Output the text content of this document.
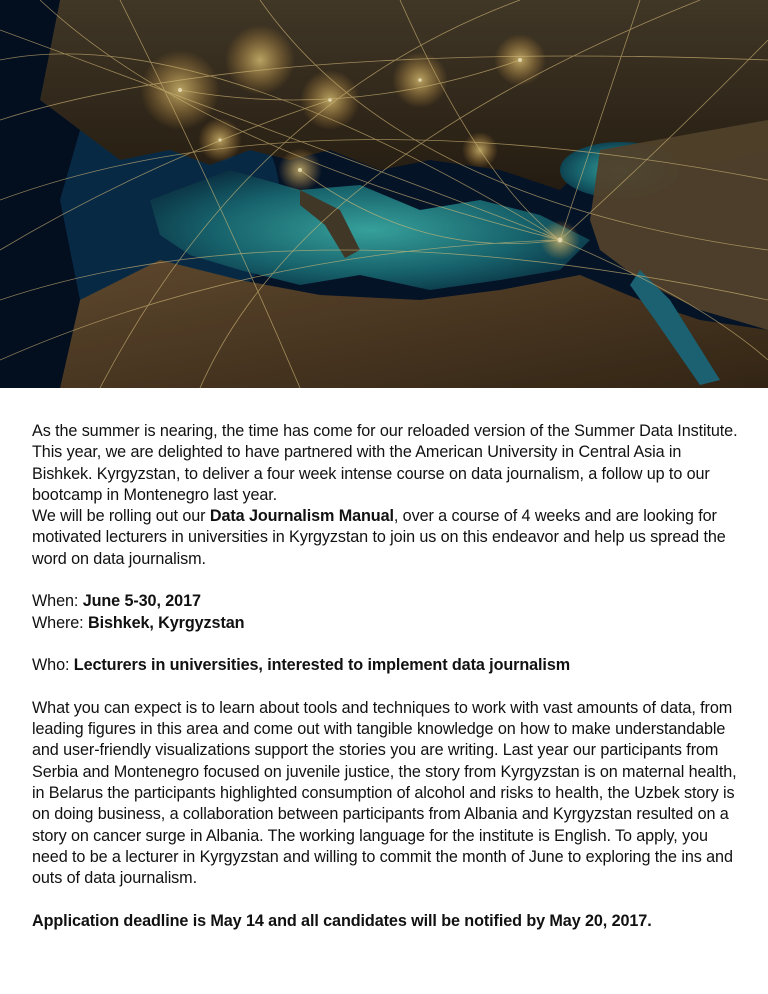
As the summer is nearing, the time has come for our reloaded version of the Summer Data Institute. This year, we are delighted to have partnered with the American University in Central Asia in Bishkek. Kyrgyzstan, to deliver a four week intense course on data journalism, a follow up to our bootcamp in Montenegro last year.
We will be rolling out our Data Journalism Manual, over a course of 4 weeks and are looking for motivated lecturers in universities in Kyrgyzstan to join us on this endeavor and help us spread the word on data journalism.

When: June 5-30, 2017

Where: Bishkek, Kyrgyzstan

Who: Lecturers in universities, interested to implement data journalism

What you can expect is to learn about tools and techniques to work with vast amounts of data, from leading figures in this area and come out with tangible knowledge on how to make understandable and user-friendly visualizations support the stories you are writing. Last year our participants from Serbia and Montenegro focused on juvenile justice, the story from Kyrgyzstan is on maternal health, in Belarus the participants highlighted consumption of alcohol and risks to health, the Uzbek story is on doing business, a collaboration between participants from Albania and Kyrgyzstan resulted on a story on cancer surge in Albania. The working language for the institute is English. To apply, you need to be a lecturer in Kyrgyzstan and willing to commit the month of June to exploring the ins and outs of data journalism.

Application deadline is May 14 and all candidates will be notified by May 20, 2017.
